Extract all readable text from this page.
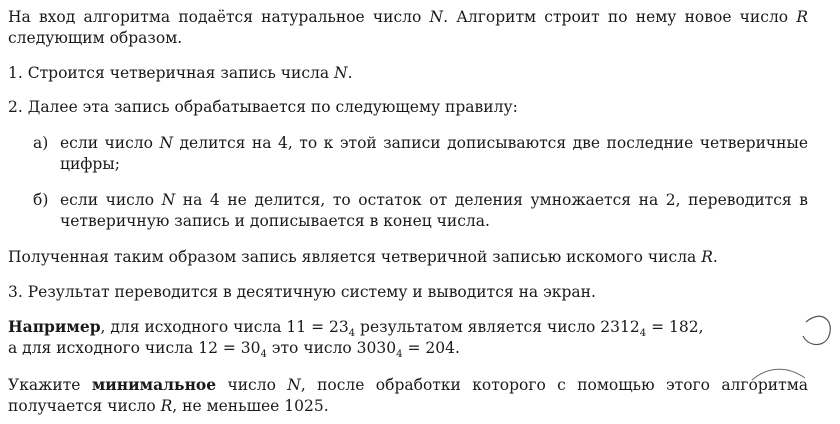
На вход алгоритма подаётся натуральное число N. Алгоритм строит по нему новое число R следующим образом.

1. Строится четверичная запись числа N.

2. Далее эта запись обрабатывается по следующему правилу:

а) если число N делится на 4, то к этой записи дописываются две последние четверичные цифры;

б) если число N на 4 не делится, то остаток от деления умножается на 2, переводится в четверичную запись и дописывается в конец числа.

Полученная таким образом запись является четверичной записью искомого числа R.

3. Результат переводится в десятичную систему и выводится на экран.

Например, для исходного числа $11 = 23_4$ результатом является число $2312_4 = 182$,
а для исходного числа $12 = 30_4$ это число $3030_4 = 204$.

Укажите минимальное число N, после обработки которого с помощью этого алгоритма получается число R, не меньшее 1025.
